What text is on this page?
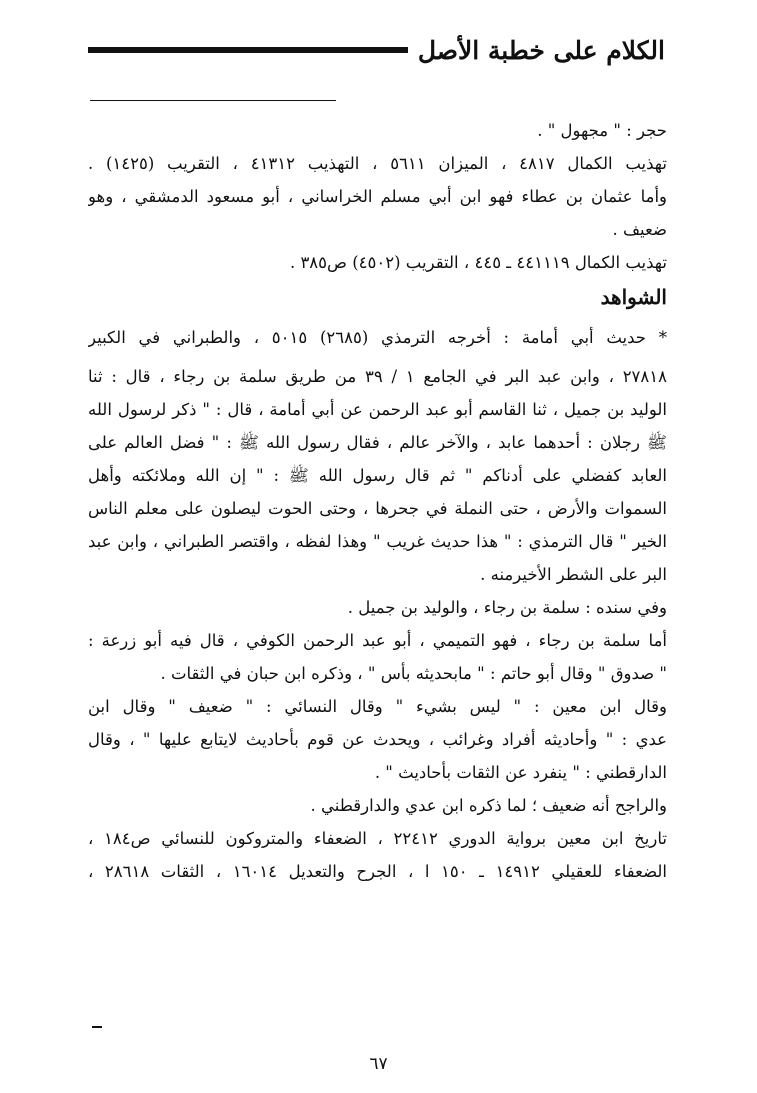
الكلام على خطبة الأصل
حجر : " مجهول " .
تهذيب الكمال ٤٨١٧ ، الميزان ٥٦١١ ، التهذيب ٤١٣١٢ ، التقريب (١٤٢٥) .
وأما عثمان بن عطاء فهو ابن أبي مسلم الخراساني ، أبو مسعود الدمشقي ، وهو
ضعيف .
تهذيب الكمال ٤٤١١١٩ ـ ٤٤٥ ، التقريب (٤٥٠٢) ص٣٨٥ .
الشواهد
* حديث أبي أمامة : أخرجه الترمذي (٢٦٨٥) ٥٠١٥ ، والطبراني في الكبير
٢٧٨١٨ ، وابن عبد البر في الجامع ١ / ٣٩ من طريق سلمة بن رجاء ، قال : ثنا
الوليد بن جميل ، ثنا القاسم أبو عبد الرحمن عن أبي أمامة ، قال : " ذكر لرسول الله
ﷺ رجلان : أحدهما عابد ، والآخر عالم ، فقال رسول الله ﷺ : " فضل العالم على
العابد كفضلي على أدناكم " ثم قال رسول الله ﷺ : " إن الله وملائكته وأهل
السموات والأرض ، حتى النملة في جحرها ، وحتى الحوت ليصلون على معلم الناس
الخير " قال الترمذي : " هذا حديث غريب " وهذا لفظه ، واقتصر الطبراني ، وابن عبد
البر على الشطر الأخيرمنه .
وفي سنده : سلمة بن رجاء ، والوليد بن جميل .
أما سلمة بن رجاء ، فهو التميمي ، أبو عبد الرحمن الكوفي ، قال فيه أبو زرعة :
" صدوق " وقال أبو حاتم : " مابحديثه بأس " ، وذكره ابن حبان في الثقات .
وقال ابن معين : " ليس بشيء " وقال النسائي : " ضعيف " وقال ابن
عدي : " وأحاديثه أفراد وغرائب ، ويحدث عن قوم بأحاديث لايتابع عليها " ، وقال
الدارقطني : " ينفرد عن الثقات بأحاديث " .
والراجح أنه ضعيف ؛ لما ذكره ابن عدي والدارقطني .
تاريخ ابن معين برواية الدوري ٢٢٤١٢ ، الضعفاء والمتروكون للنسائي ص١٨٤ ،
الضعفاء للعقيلي ١٤٩١٢ ـ ١٥٠ ا ، الجرح والتعديل ١٦٠١٤ ، الثقات ٢٨٦١٨ ،
٦٧
